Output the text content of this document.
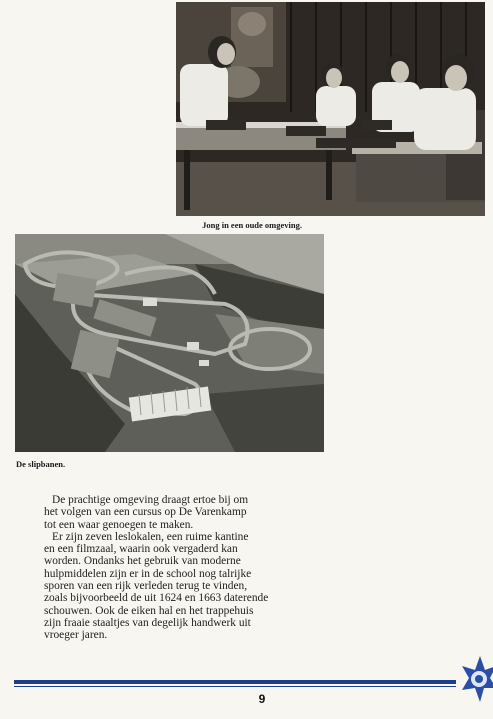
Jong in een oude omgeving.
De slipbanen.

De prachtige omgeving draagt ertoe bij om
het volgen van een cursus op De Varenkamp
tot een waar genoegen te maken.

Er zijn zeven leslokalen, een ruime kantine
en een filmzaal, waarin ook vergaderd kan
worden. Ondanks het gebruik van moderne
hulpmiddelen zijn er in de school nog talrijke
sporen van een rijk verleden terug te vinden,
zoals bijvoorbeeld de uit 1624 en 1663 daterende
schouwen. Ook de eiken hal en het trappehuis
zijn fraaie staaltjes van degelijk handwerk uit
vroeger jaren.

9
